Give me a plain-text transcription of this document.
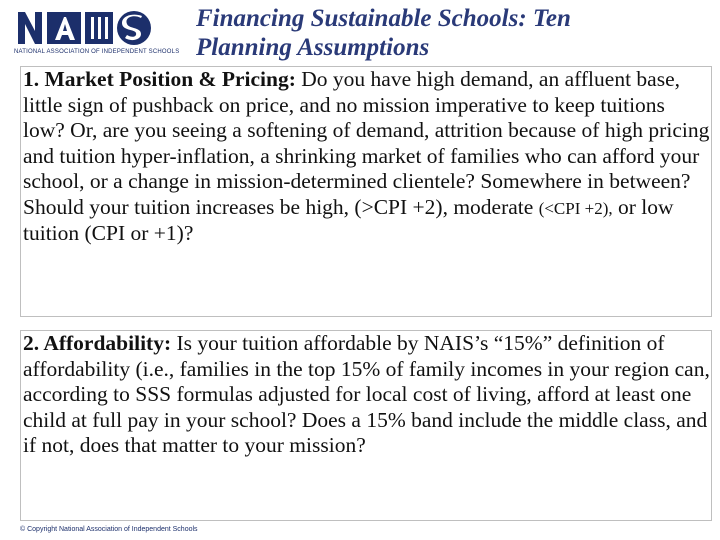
NATIONAL ASSOCIATION OF INDEPENDENT SCHOOLS
Financing Sustainable Schools: Ten
Planning Assumptions
1. Market Position & Pricing: Do you have high demand, an affluent base, little sign of pushback on price, and no mission imperative to keep tuitions low? Or, are you seeing a softening of demand, attrition because of high pricing and tuition hyper-inflation, a shrinking market of families who can afford your school, or a change in mission-determined clientele? Somewhere in between? Should your tuition increases be high, (>CPI +2), moderate (<CPI +2), or low tuition (CPI or +1)?
2. Affordability: Is your tuition affordable by NAIS’s “15%” definition of affordability (i.e., families in the top 15% of family incomes in your region can, according to SSS formulas adjusted for local cost of living, afford at least one child at full pay in your school? Does a 15% band include the middle class, and if not, does that matter to your mission?
© Copyright National Association of Independent Schools
